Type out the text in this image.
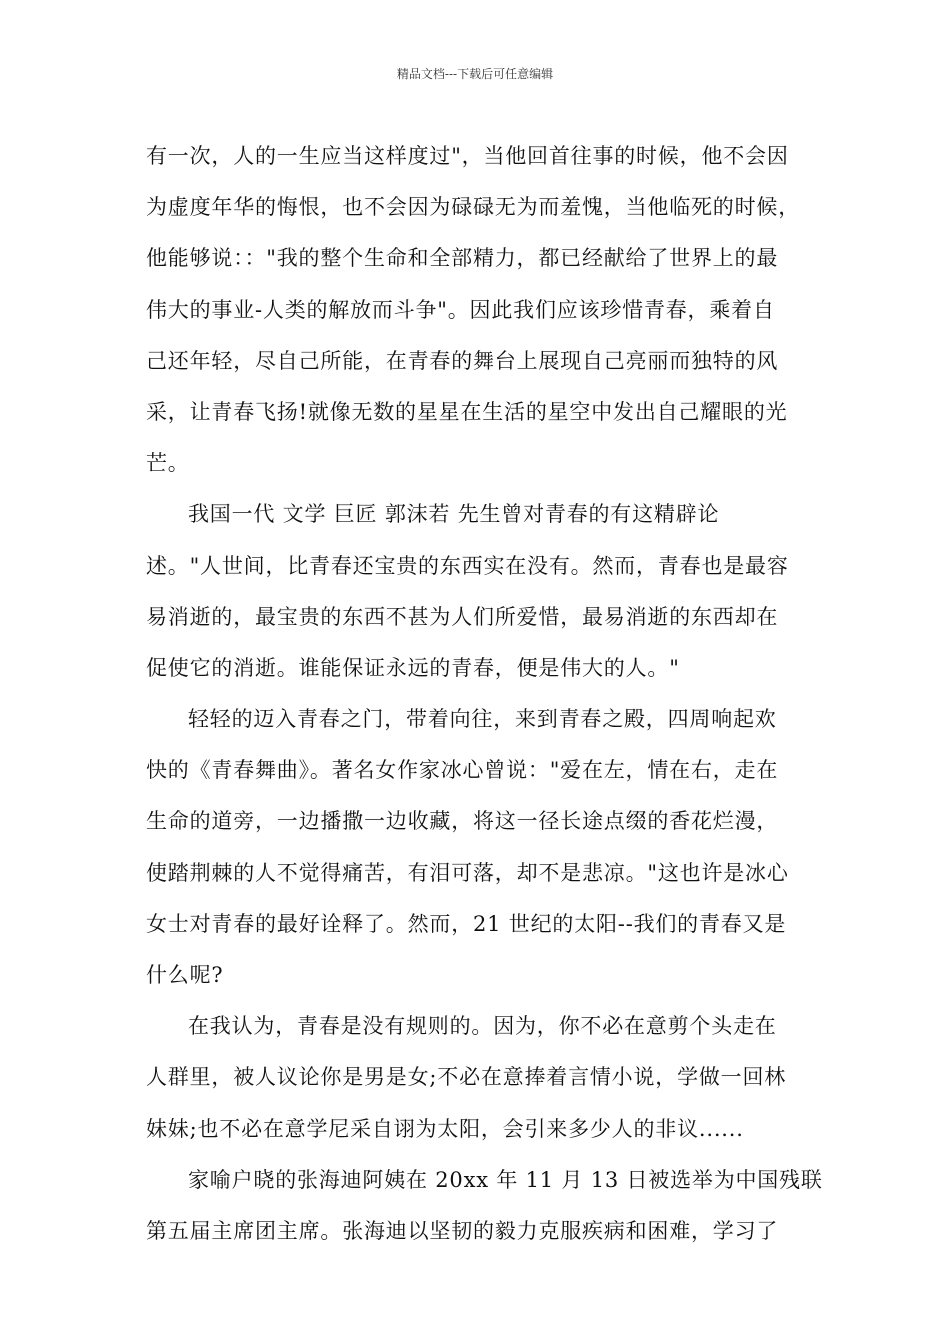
精品文档---下载后可任意编辑
有一次，人的一生应当这样度过"，当他回首往事的时候，他不会因
为虚度年华的悔恨，也不会因为碌碌无为而羞愧，当他临死的时候，
他能够说：："我的整个生命和全部精力，都已经献给了世界上的最
伟大的事业-人类的解放而斗争"。因此我们应该珍惜青春，乘着自
己还年轻，尽自己所能，在青春的舞台上展现自己亮丽而独特的风
采，让青春飞扬!就像无数的星星在生活的星空中发出自己耀眼的光
芒。
我国一代 文学 巨匠 郭沫若 先生曾对青春的有这精辟论
述。"人世间，比青春还宝贵的东西实在没有。然而，青春也是最容
易消逝的，最宝贵的东西不甚为人们所爱惜，最易消逝的东西却在
促使它的消逝。谁能保证永远的青春，便是伟大的人。"
轻轻的迈入青春之门，带着向往，来到青春之殿，四周响起欢
快的《青春舞曲》。著名女作家冰心曾说："爱在左，情在右，走在
生命的道旁，一边播撒一边收藏，将这一径长途点缀的香花烂漫，
使踏荆棘的人不觉得痛苦，有泪可落，却不是悲凉。"这也许是冰心
女士对青春的最好诠释了。然而，21 世纪的太阳--我们的青春又是
什么呢?
在我认为，青春是没有规则的。因为，你不必在意剪个头走在
人群里，被人议论你是男是女;不必在意捧着言情小说，学做一回林
妹妹;也不必在意学尼采自诩为太阳，会引来多少人的非议......
家喻户晓的张海迪阿姨在 20xx 年 11 月 13 日被选举为中国残联
第五届主席团主席。张海迪以坚韧的毅力克服疾病和困难，学习了
